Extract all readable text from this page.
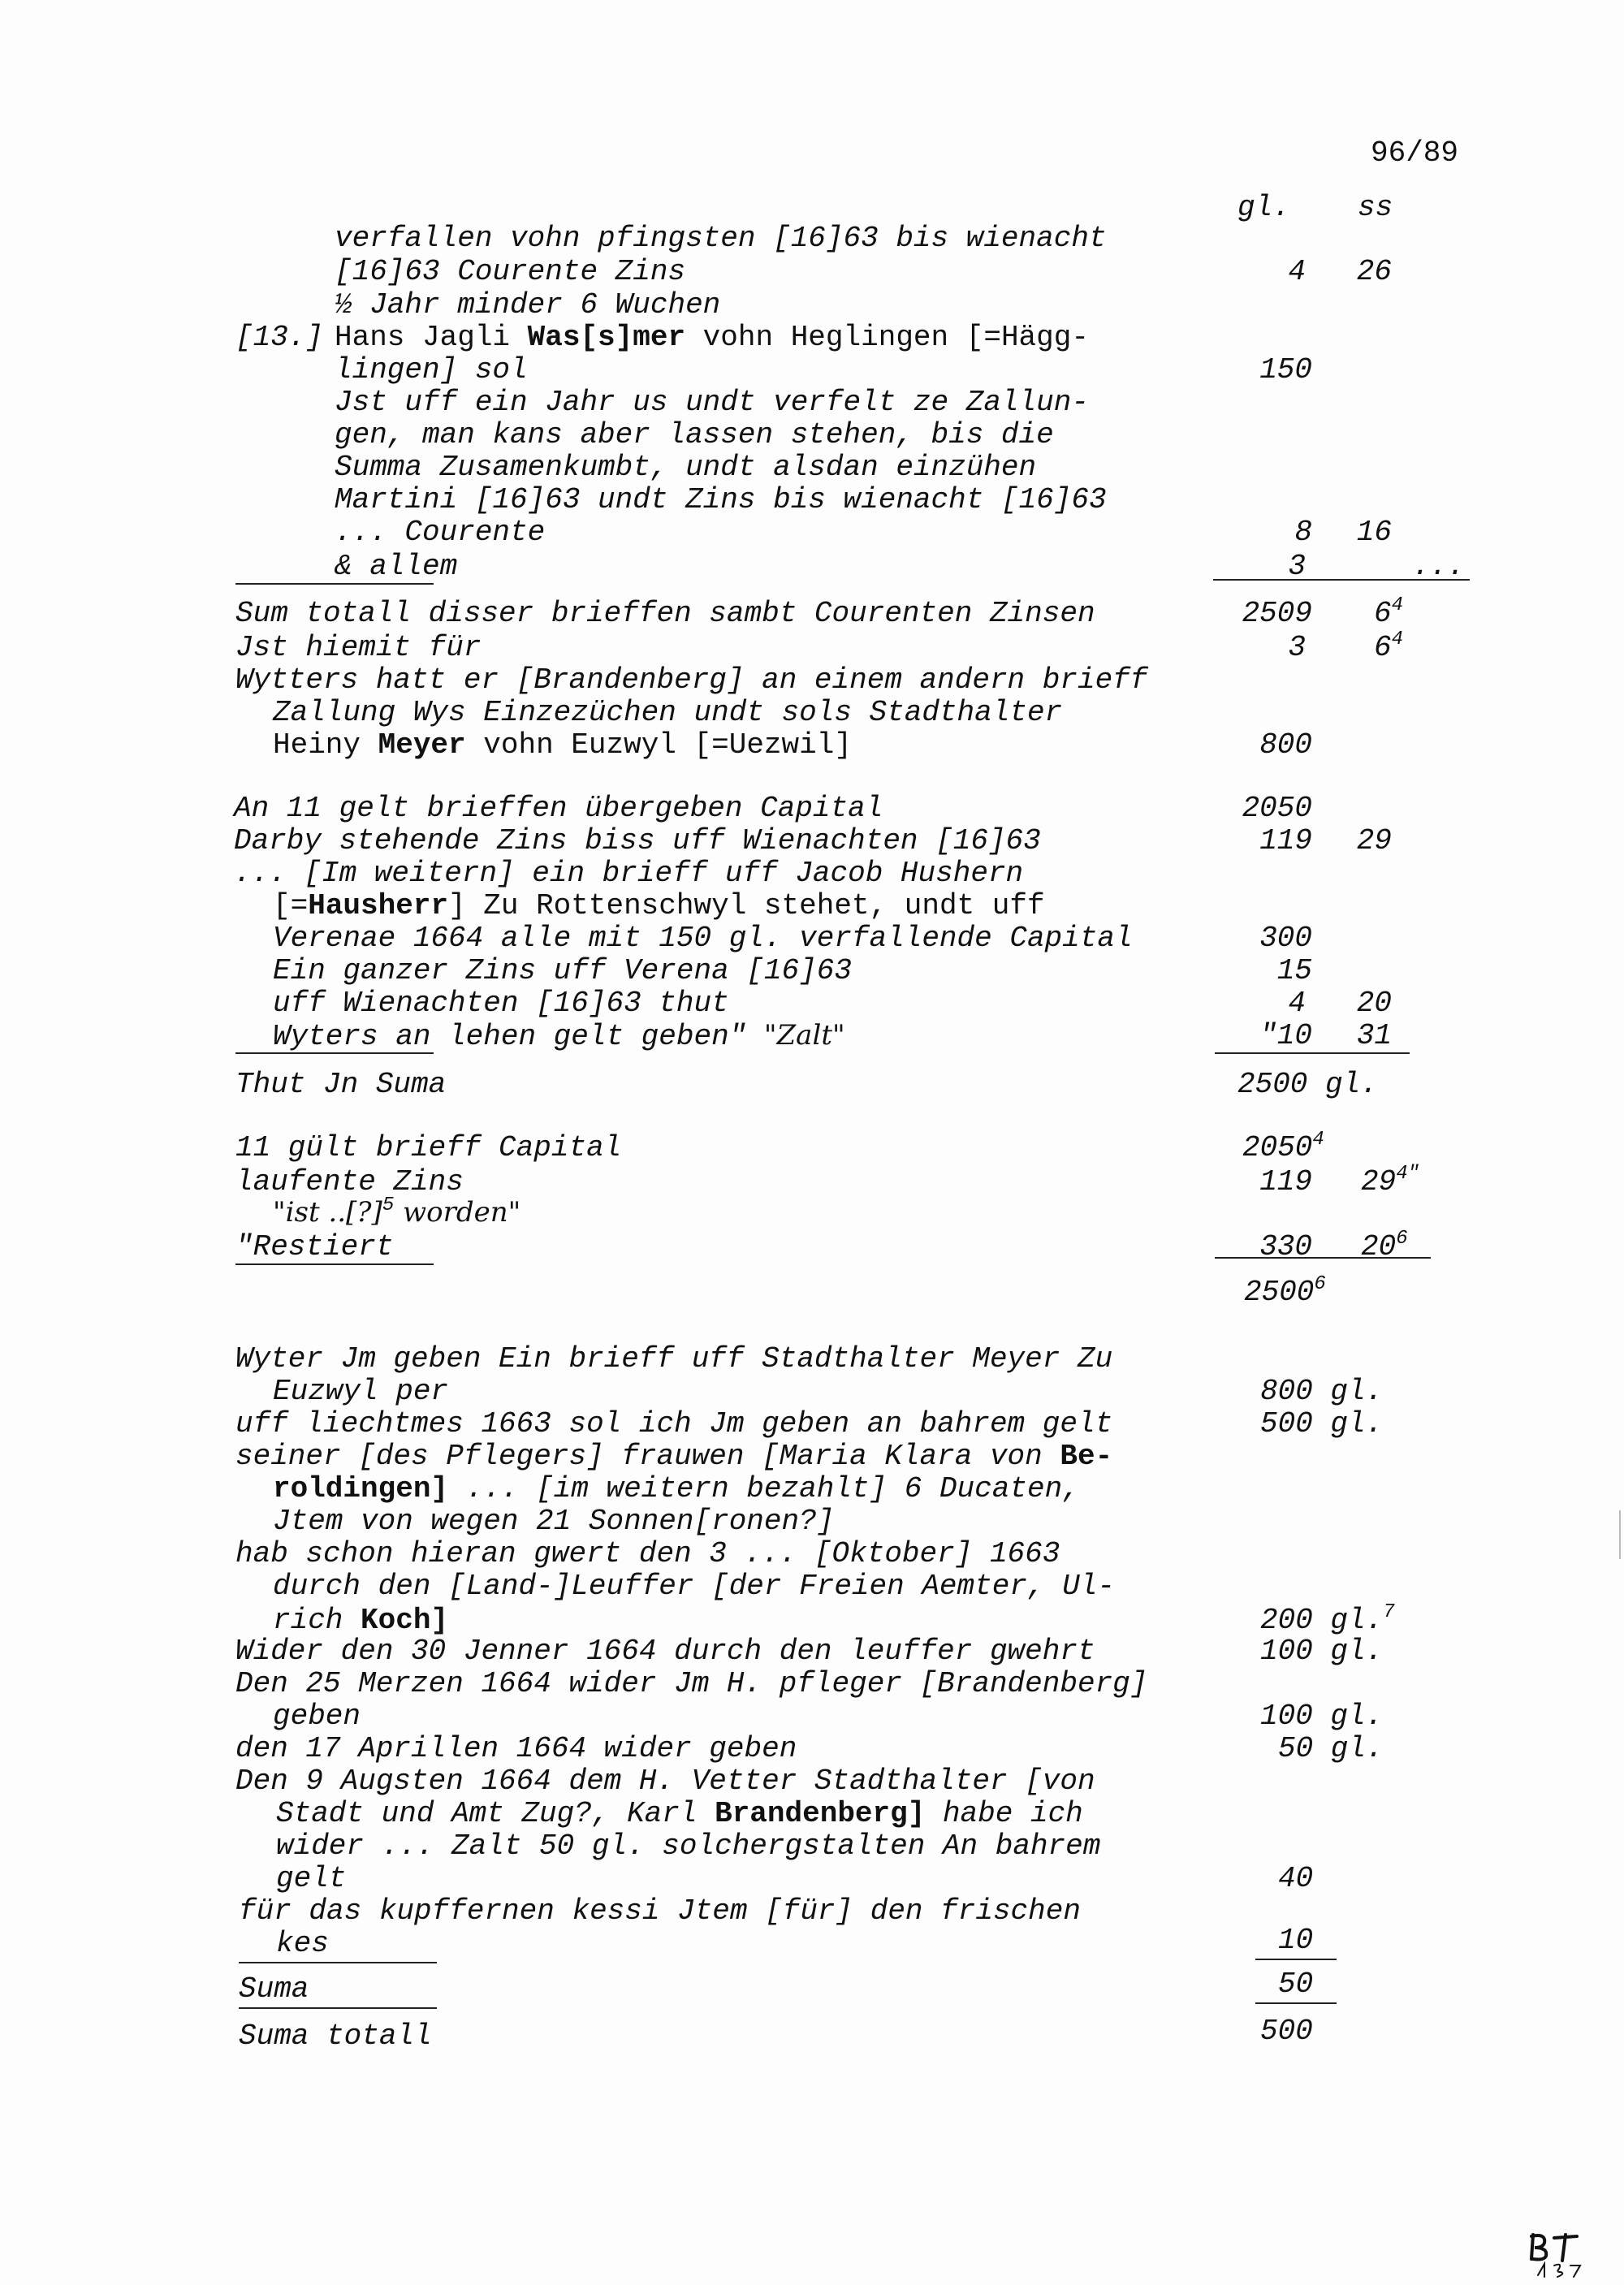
96/89
gl. ss
verfallen vohn pfingsten [16]63 bis wienacht
[16]63 Courente Zins	4 26
½ Jahr minder 6 Wuchen
[13.] Hans Jagli Was[s]mer vohn Heglingen [=Hägg-
lingen] sol	150
Jst uff ein Jahr us undt verfelt ze Zallun-
gen, man kans aber lassen stehen, bis die
Summa Zusamenkumbt, undt alsdan einzühen
Martini [16]63 undt Zins bis wienacht [16]63
... Courente	8 16
& allem	3	...
Sum totall disser brieffen sambt Courenten Zinsen	2509 $6^4$
Jst hiemit für	3 $6^4$
Wytters hatt er [Brandenberg] an einem andern brieff
Zallung Wys Einzezüchen undt sols Stadthalter
Heiny Meyer vohn Euzwyl [=Uezwil]	800
An 11 gelt brieffen übergeben Capital	2050
Darby stehende Zins biss uff Wienachten [16]63	119 29
... [Im weitern] ein brieff uff Jacob Hushern
[=Hausherr] Zu Rottenschwyl stehet, undt uff
Verenae 1664 alle mit 150 gl. verfallende Capital	300
Ein ganzer Zins uff Verena [16]63	15
uff Wienachten [16]63 thut	4 20
Wyters an lehen gelt geben" "Zalt"	"10 31
Thut Jn Suma	2500 gl.
11 gült brieff Capital	2050$^4$
laufente Zins	119 $29^{4"}$
"ist ..[?]$^5$ worden"
"Restiert	330 $20^6$
2500$^6$
Wyter Jm geben Ein brieff uff Stadthalter Meyer Zu
Euzwyl per	800 gl.
uff liechtmes 1663 sol ich Jm geben an bahrem gelt	500 gl.
seiner [des Pflegers] frauwen [Maria Klara von Be-
roldingen] ... [im weitern bezahlt] 6 Ducaten,
Jtem von wegen 21 Sonnen[ronen?]
hab schon hieran gwert den 3 ... [Oktober] 1663
durch den [Land-]Leuffer [der Freien Aemter, Ul-
rich Koch]	200 gl.$^7$
Wider den 30 Jenner 1664 durch den leuffer gwehrt	100 gl.
Den 25 Merzen 1664 wider Jm H. pfleger [Brandenberg]
geben	100 gl.
den 17 Aprillen 1664 wider geben	50 gl.
Den 9 Augsten 1664 dem H. Vetter Stadthalter [von
Stadt und Amt Zug?, Karl Brandenberg] habe ich
wider ... Zalt 50 gl. solchergstalten An bahrem
gelt	40
für das kupffernen kessi Jtem [für] den frischen
kes	10
Suma	50
Suma totall	500
